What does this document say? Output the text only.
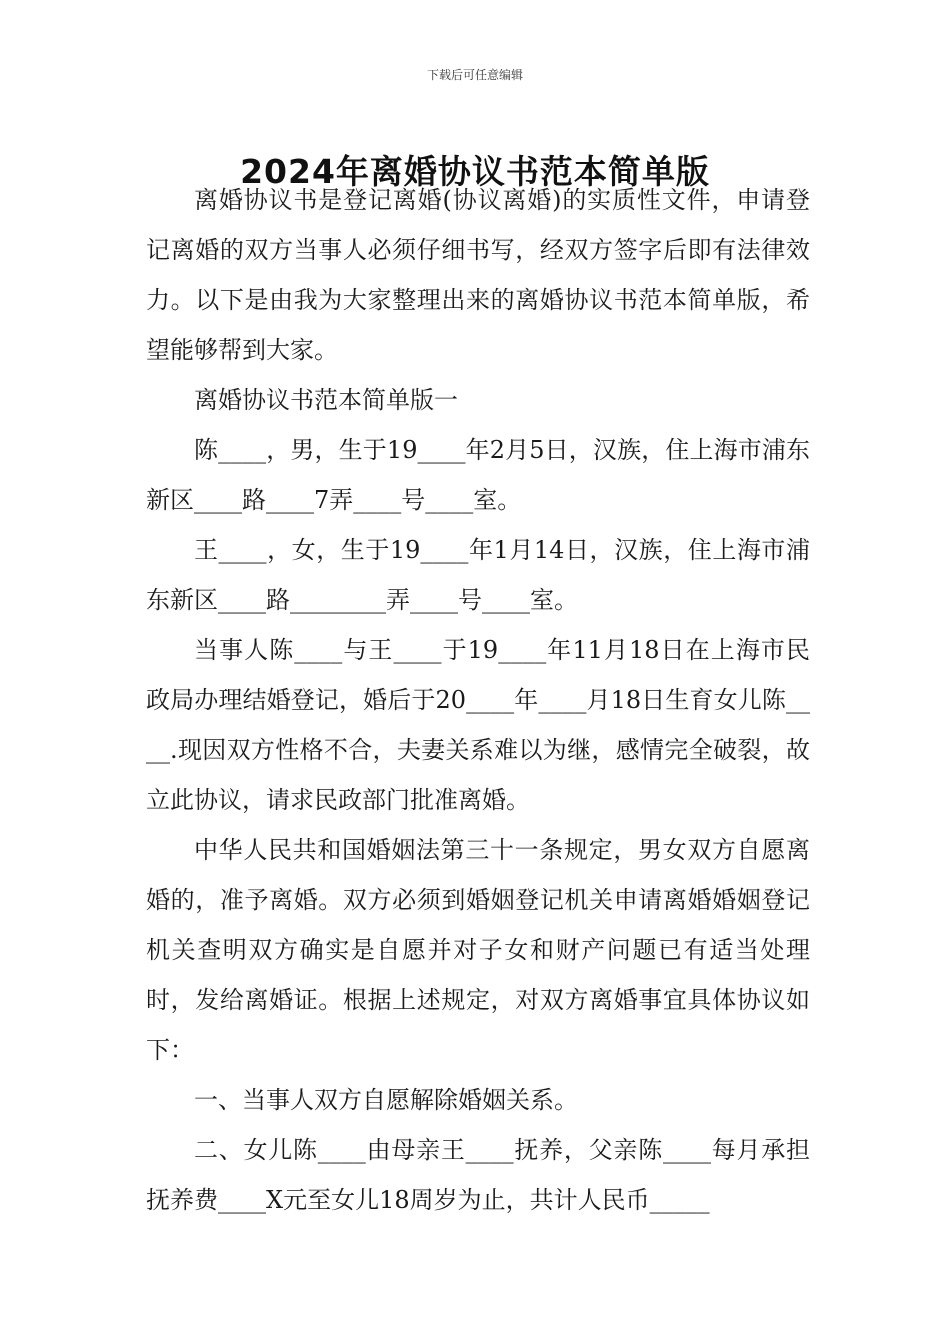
下载后可任意编辑
2024年离婚协议书范本简单版

离婚协议书是登记离婚(协议离婚)的实质性文件，申请登记离婚的双方当事人必须仔细书写，经双方签字后即有法律效力。以下是由我为大家整理出来的离婚协议书范本简单版，希望能够帮到大家。

离婚协议书范本简单版一

陈____，男，生于19____年2月5日，汉族，住上海市浦东新区____路____7弄____号____室。

王____，女，生于19____年1月14日，汉族，住上海市浦东新区____路________弄____号____室。

当事人陈____与王____于19____年11月18日在上海市民政局办理结婚登记，婚后于20____年____月18日生育女儿陈____.现因双方性格不合，夫妻关系难以为继，感情完全破裂，故立此协议，请求民政部门批准离婚。

中华人民共和国婚姻法第三十一条规定，男女双方自愿离婚的，准予离婚。双方必须到婚姻登记机关申请离婚婚姻登记机关查明双方确实是自愿并对子女和财产问题已有适当处理时，发给离婚证。根据上述规定，对双方离婚事宜具体协议如下：

一、当事人双方自愿解除婚姻关系。

二、女儿陈____由母亲王____抚养，父亲陈____每月承担抚养费____X元至女儿18周岁为止，共计人民币_____
